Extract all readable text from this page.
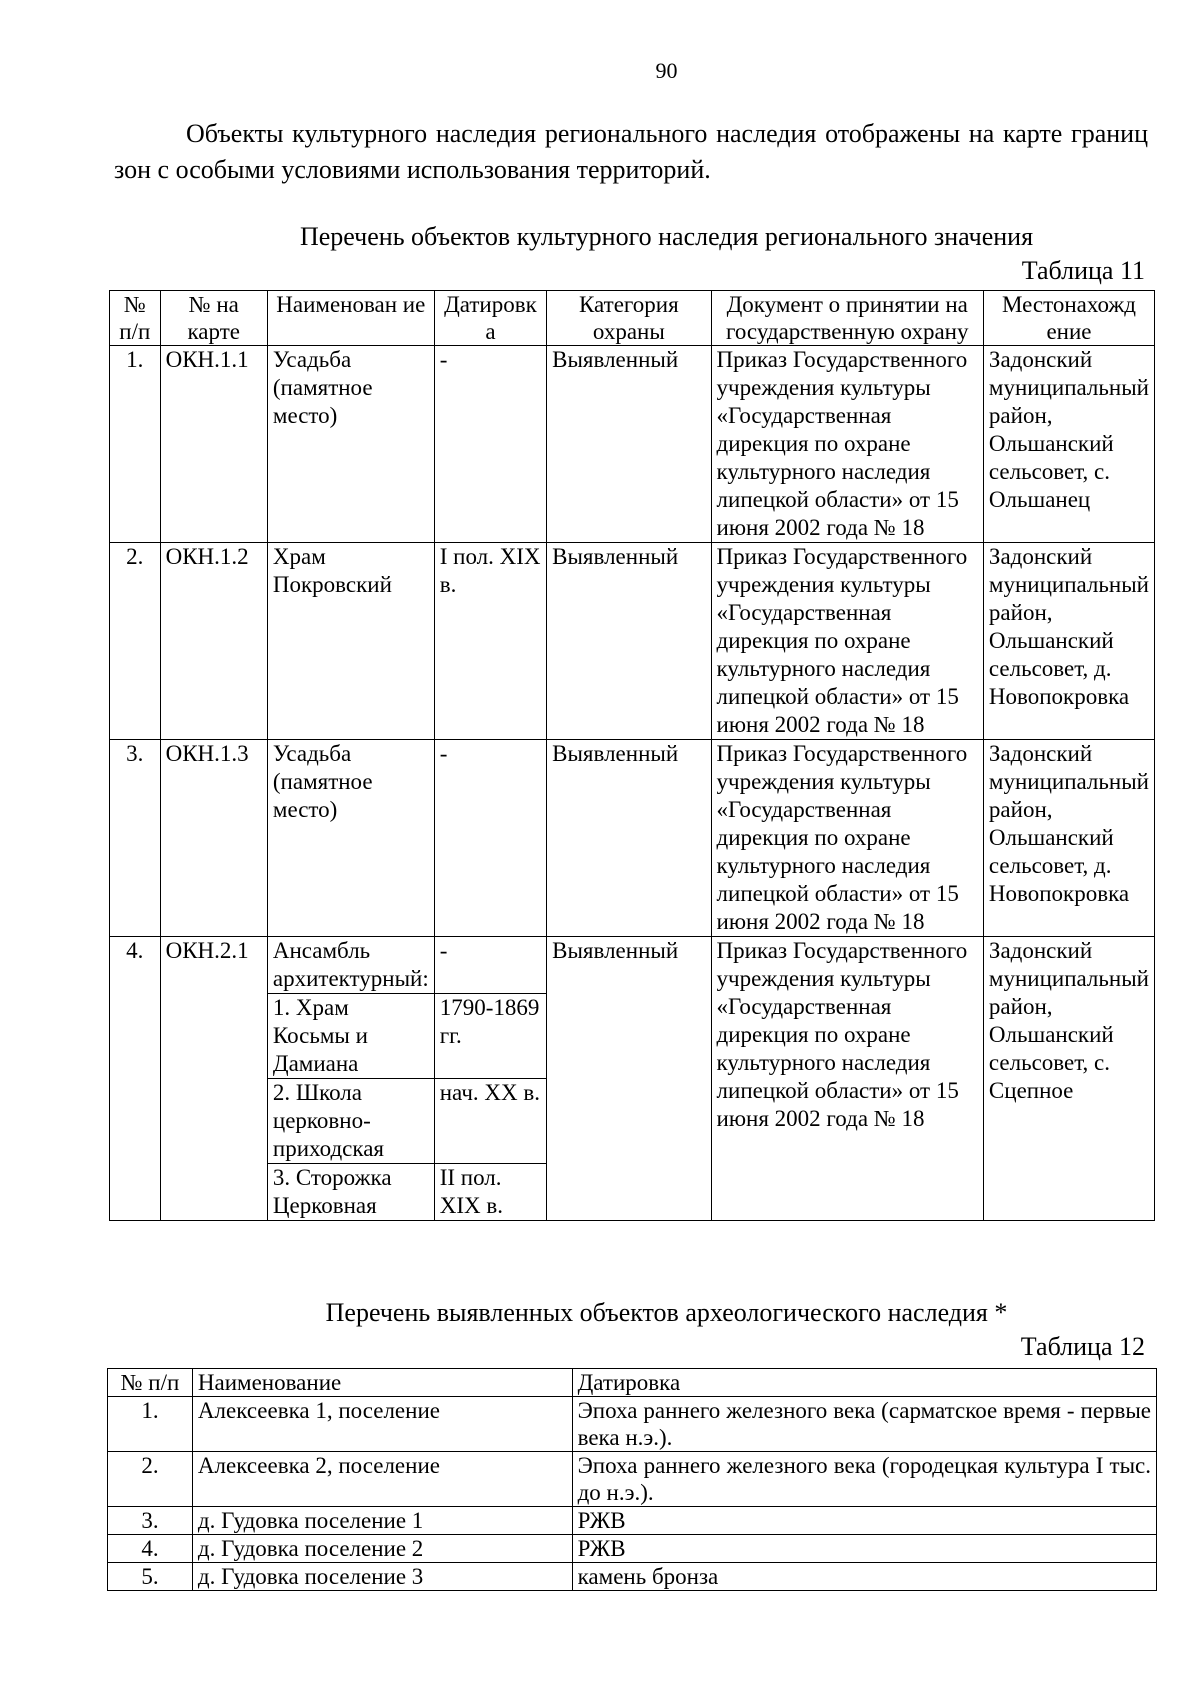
90

Объекты культурного наследия регионального наследия отображены на карте границ зон с особыми условиями использования территорий.

Перечень объектов культурного наследия регионального значения
Таблица 11
№ п/п	№ на карте	Наименован ие	Датировк а	Категория охраны	Документ о принятии на государственную охрану	Местонахожд ение
1.	ОКН.1.1	Усадьба (памятное место)	-	Выявленный	Приказ Государственного учреждения культуры «Государственная дирекция по охране культурного наследия липецкой области» от 15 июня 2002 года № 18	Задонский муниципальный район, Ольшанский сельсовет, с. Ольшанец
2.	ОКН.1.2	Храм Покровский	I пол. XIX в.	Выявленный	Приказ Государственного учреждения культуры «Государственная дирекция по охране культурного наследия липецкой области» от 15 июня 2002 года № 18	Задонский муниципальный район, Ольшанский сельсовет, д. Новопокровка
3.	ОКН.1.3	Усадьба (памятное место)	-	Выявленный	Приказ Государственного учреждения культуры «Государственная дирекция по охране культурного наследия липецкой области» от 15 июня 2002 года № 18	Задонский муниципальный район, Ольшанский сельсовет, д. Новопокровка
4.	ОКН.2.1	Ансамбль архитектурный:	-	Выявленный	Приказ Государственного учреждения культуры «Государственная дирекция по охране культурного наследия липецкой области» от 15 июня 2002 года № 18	Задонский муниципальный район, Ольшанский сельсовет, с. Сцепное
		1. Храм Косьмы и Дамиана	1790-1869 гг.			
		2. Школа церковно-приходская	нач. XX в.			
		3. Сторожка Церковная	II пол. XIX в.			
Перечень выявленных объектов археологического наследия *
Таблица 12
№ п/п	Наименование	Датировка
1.	Алексеевка 1, поселение	Эпоха раннего железного века (сарматское время - первые века н.э.).
2.	Алексеевка 2, поселение	Эпоха раннего железного века (городецкая культура I тыс. до н.э.).
3.	д. Гудовка поселение 1	РЖВ
4.	д. Гудовка поселение 2	РЖВ
5.	д. Гудовка поселение 3	камень бронза
